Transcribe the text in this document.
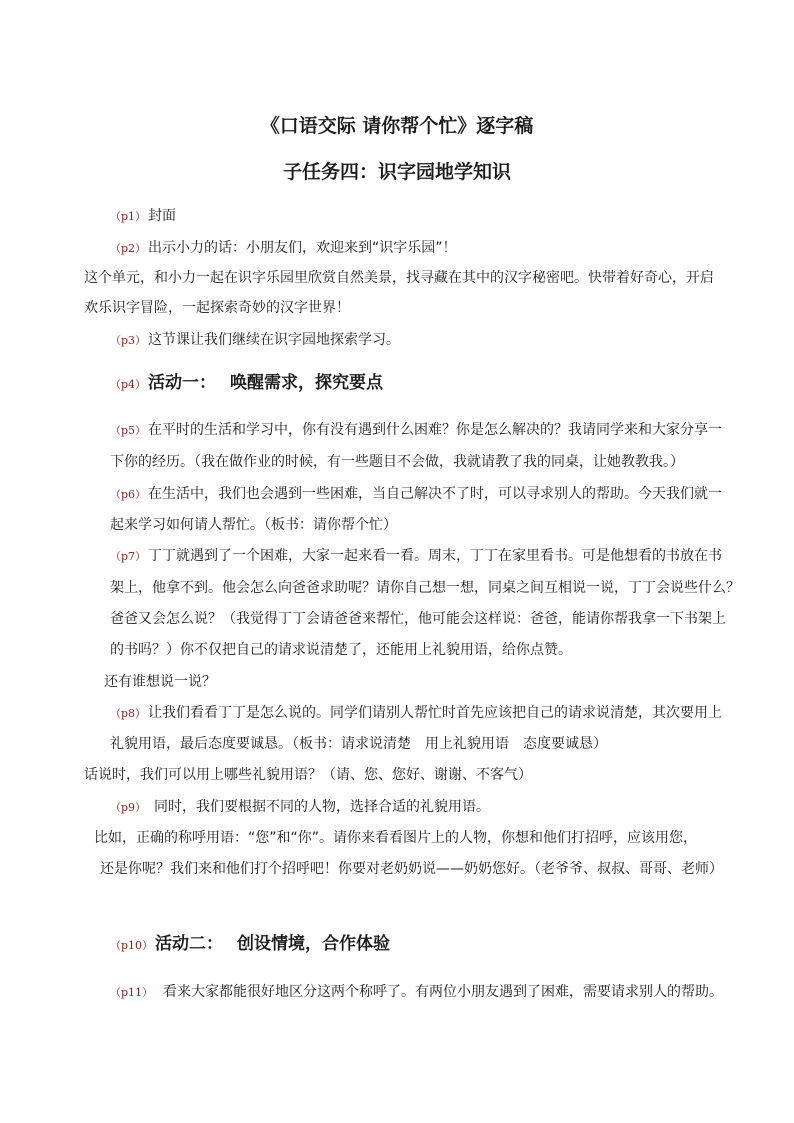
《口语交际 请你帮个忙》逐字稿
子任务四：识字园地学知识
（p1） 封面
（p2） 出示小力的话：小朋友们，欢迎来到“识字乐园”！
这个单元，和小力一起在识字乐园里欣赏自然美景，找寻藏在其中的汉字秘密吧。快带着好奇心，开启
欢乐识字冒险，一起探索奇妙的汉字世界！
（p3） 这节课让我们继续在识字园地探索学习。
（p4） 活动一： 唤醒需求，探究要点
（p5） 在平时的生活和学习中，你有没有遇到什么困难？你是怎么解决的？我请同学来和大家分享一
下你的经历。（我在做作业的时候，有一些题目不会做，我就请教了我的同桌，让她教教我。）
（p6） 在生活中，我们也会遇到一些困难，当自己解决不了时，可以寻求别人的帮助。今天我们就一
起来学习如何请人帮忙。（板书：请你帮个忙）
（p7） 丁丁就遇到了一个困难，大家一起来看一看。周末，丁丁在家里看书。可是他想看的书放在书
架上，他拿不到。他会怎么向爸爸求助呢？请你自己想一想，同桌之间互相说一说，丁丁会说些什么？
爸爸又会怎么说？（我觉得丁丁会请爸爸来帮忙，他可能会这样说：爸爸，能请你帮我拿一下书架上
的书吗？）你不仅把自己的请求说清楚了，还能用上礼貌用语，给你点赞。
还有谁想说一说？
（p8） 让我们看看丁丁是怎么说的。同学们请别人帮忙时首先应该把自己的请求说清楚，其次要用上
礼貌用语，最后态度要诚恳。（板书：请求说清楚　用上礼貌用语　态度要诚恳）
话说时，我们可以用上哪些礼貌用语？（请、您、您好、谢谢、不客气）
（p9） 同时，我们要根据不同的人物，选择合适的礼貌用语。
比如，正确的称呼用语：“您”和“你”。请你来看看图片上的人物，你想和他们打招呼，应该用您，
还是你呢？我们来和他们打个招呼吧！你要对老奶奶说——奶奶您好。（老爷爷、叔叔、哥哥、老师）
（p10） 活动二： 创设情境，合作体验
（p11） 看来大家都能很好地区分这两个称呼了。有两位小朋友遇到了困难，需要请求别人的帮助。
